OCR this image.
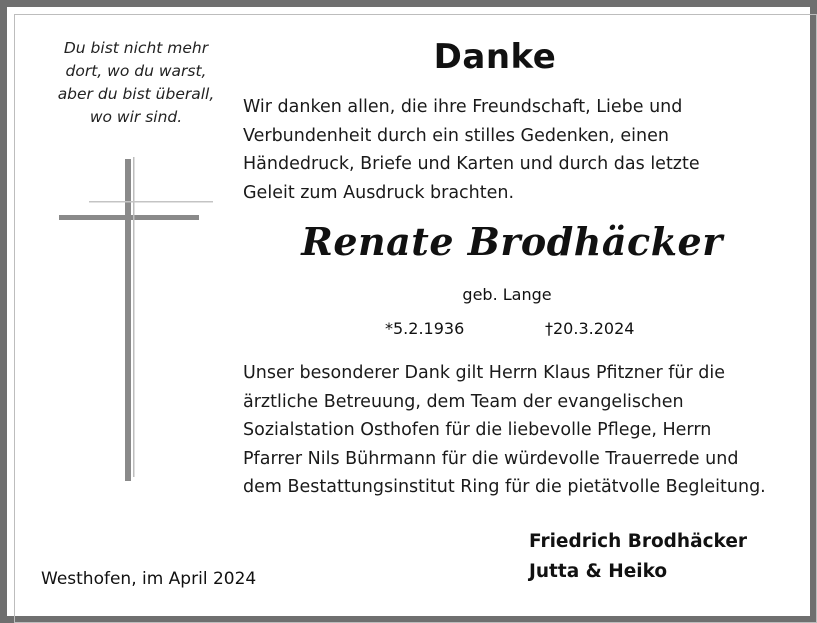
Du bist nicht mehr
dort, wo du warst,
aber du bist überall,
wo wir sind.
Danke
Wir danken allen, die ihre Freundschaft, Liebe und
Verbundenheit durch ein stilles Gedenken, einen
Händedruck, Briefe und Karten und durch das letzte
Geleit zum Ausdruck brachten.
Renate Brodhäcker
geb. Lange
*5.2.1936	†20.3.2024
Unser besonderer Dank gilt Herrn Klaus Pfitzner für die
ärztliche Betreuung, dem Team der evangelischen
Sozialstation Osthofen für die liebevolle Pflege, Herrn
Pfarrer Nils Bührmann für die würdevolle Trauerrede und
dem Bestattungsinstitut Ring für die pietätvolle Begleitung.
Westhofen, im April 2024
Friedrich Brodhäcker
Jutta & Heiko
